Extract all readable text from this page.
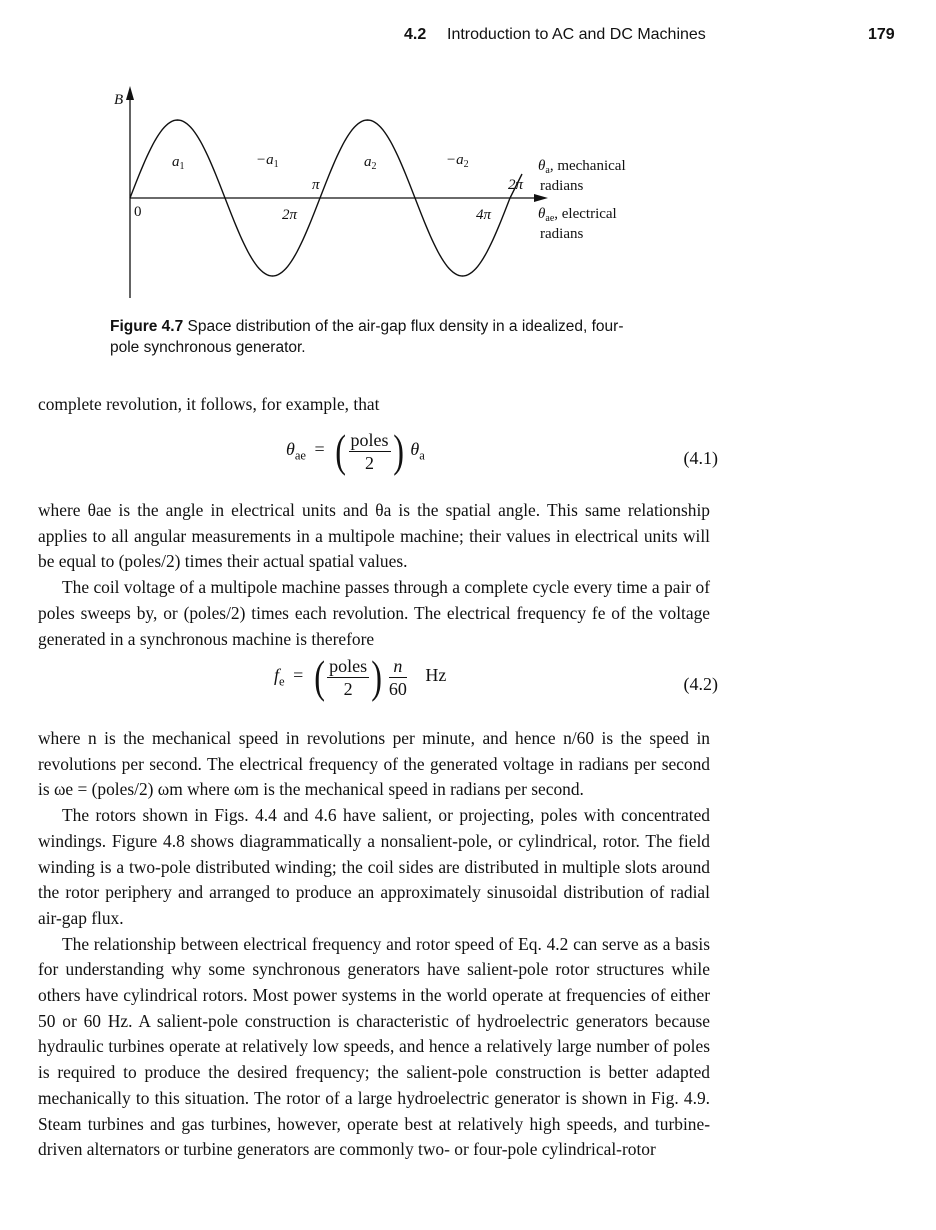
4.2 Introduction to AC and DC Machines	179
B
0
$a_1$	$-a_1$	$a_2$	$-a_2$
π	2π
2π	4π
$\theta_a$, mechanical
radians
$\theta_{ae}$, electrical
radians
Figure 4.7 Space distribution of the air-gap flux density in a idealized, four-pole synchronous generator.

complete revolution, it follows, for example, that

$\theta_{ae}$ = ( $\frac{\text{poles}}{2}$ ) $\theta_a$	(4.1)

where θae is the angle in electrical units and θa is the spatial angle. This same relationship applies to all angular measurements in a multipole machine; their values in electrical units will be equal to (poles/2) times their actual spatial values.

The coil voltage of a multipole machine passes through a complete cycle every time a pair of poles sweeps by, or (poles/2) times each revolution. The electrical frequency fe of the voltage generated in a synchronous machine is therefore

$f_e$ = ( $\frac{\text{poles}}{2}$ ) $\frac{n}{60}$ Hz	(4.2)

where n is the mechanical speed in revolutions per minute, and hence n/60 is the speed in revolutions per second. The electrical frequency of the generated voltage in radians per second is ωe = (poles/2) ωm where ωm is the mechanical speed in radians per second.

The rotors shown in Figs. 4.4 and 4.6 have salient, or projecting, poles with concentrated windings. Figure 4.8 shows diagrammatically a nonsalient-pole, or cylindrical, rotor. The field winding is a two-pole distributed winding; the coil sides are distributed in multiple slots around the rotor periphery and arranged to produce an approximately sinusoidal distribution of radial air-gap flux.

The relationship between electrical frequency and rotor speed of Eq. 4.2 can serve as a basis for understanding why some synchronous generators have salient-pole rotor structures while others have cylindrical rotors. Most power systems in the world operate at frequencies of either 50 or 60 Hz. A salient-pole construction is characteristic of hydroelectric generators because hydraulic turbines operate at relatively low speeds, and hence a relatively large number of poles is required to produce the desired frequency; the salient-pole construction is better adapted mechanically to this situation. The rotor of a large hydroelectric generator is shown in Fig. 4.9. Steam turbines and gas turbines, however, operate best at relatively high speeds, and turbine-driven alternators or turbine generators are commonly two- or four-pole cylindrical-rotor
